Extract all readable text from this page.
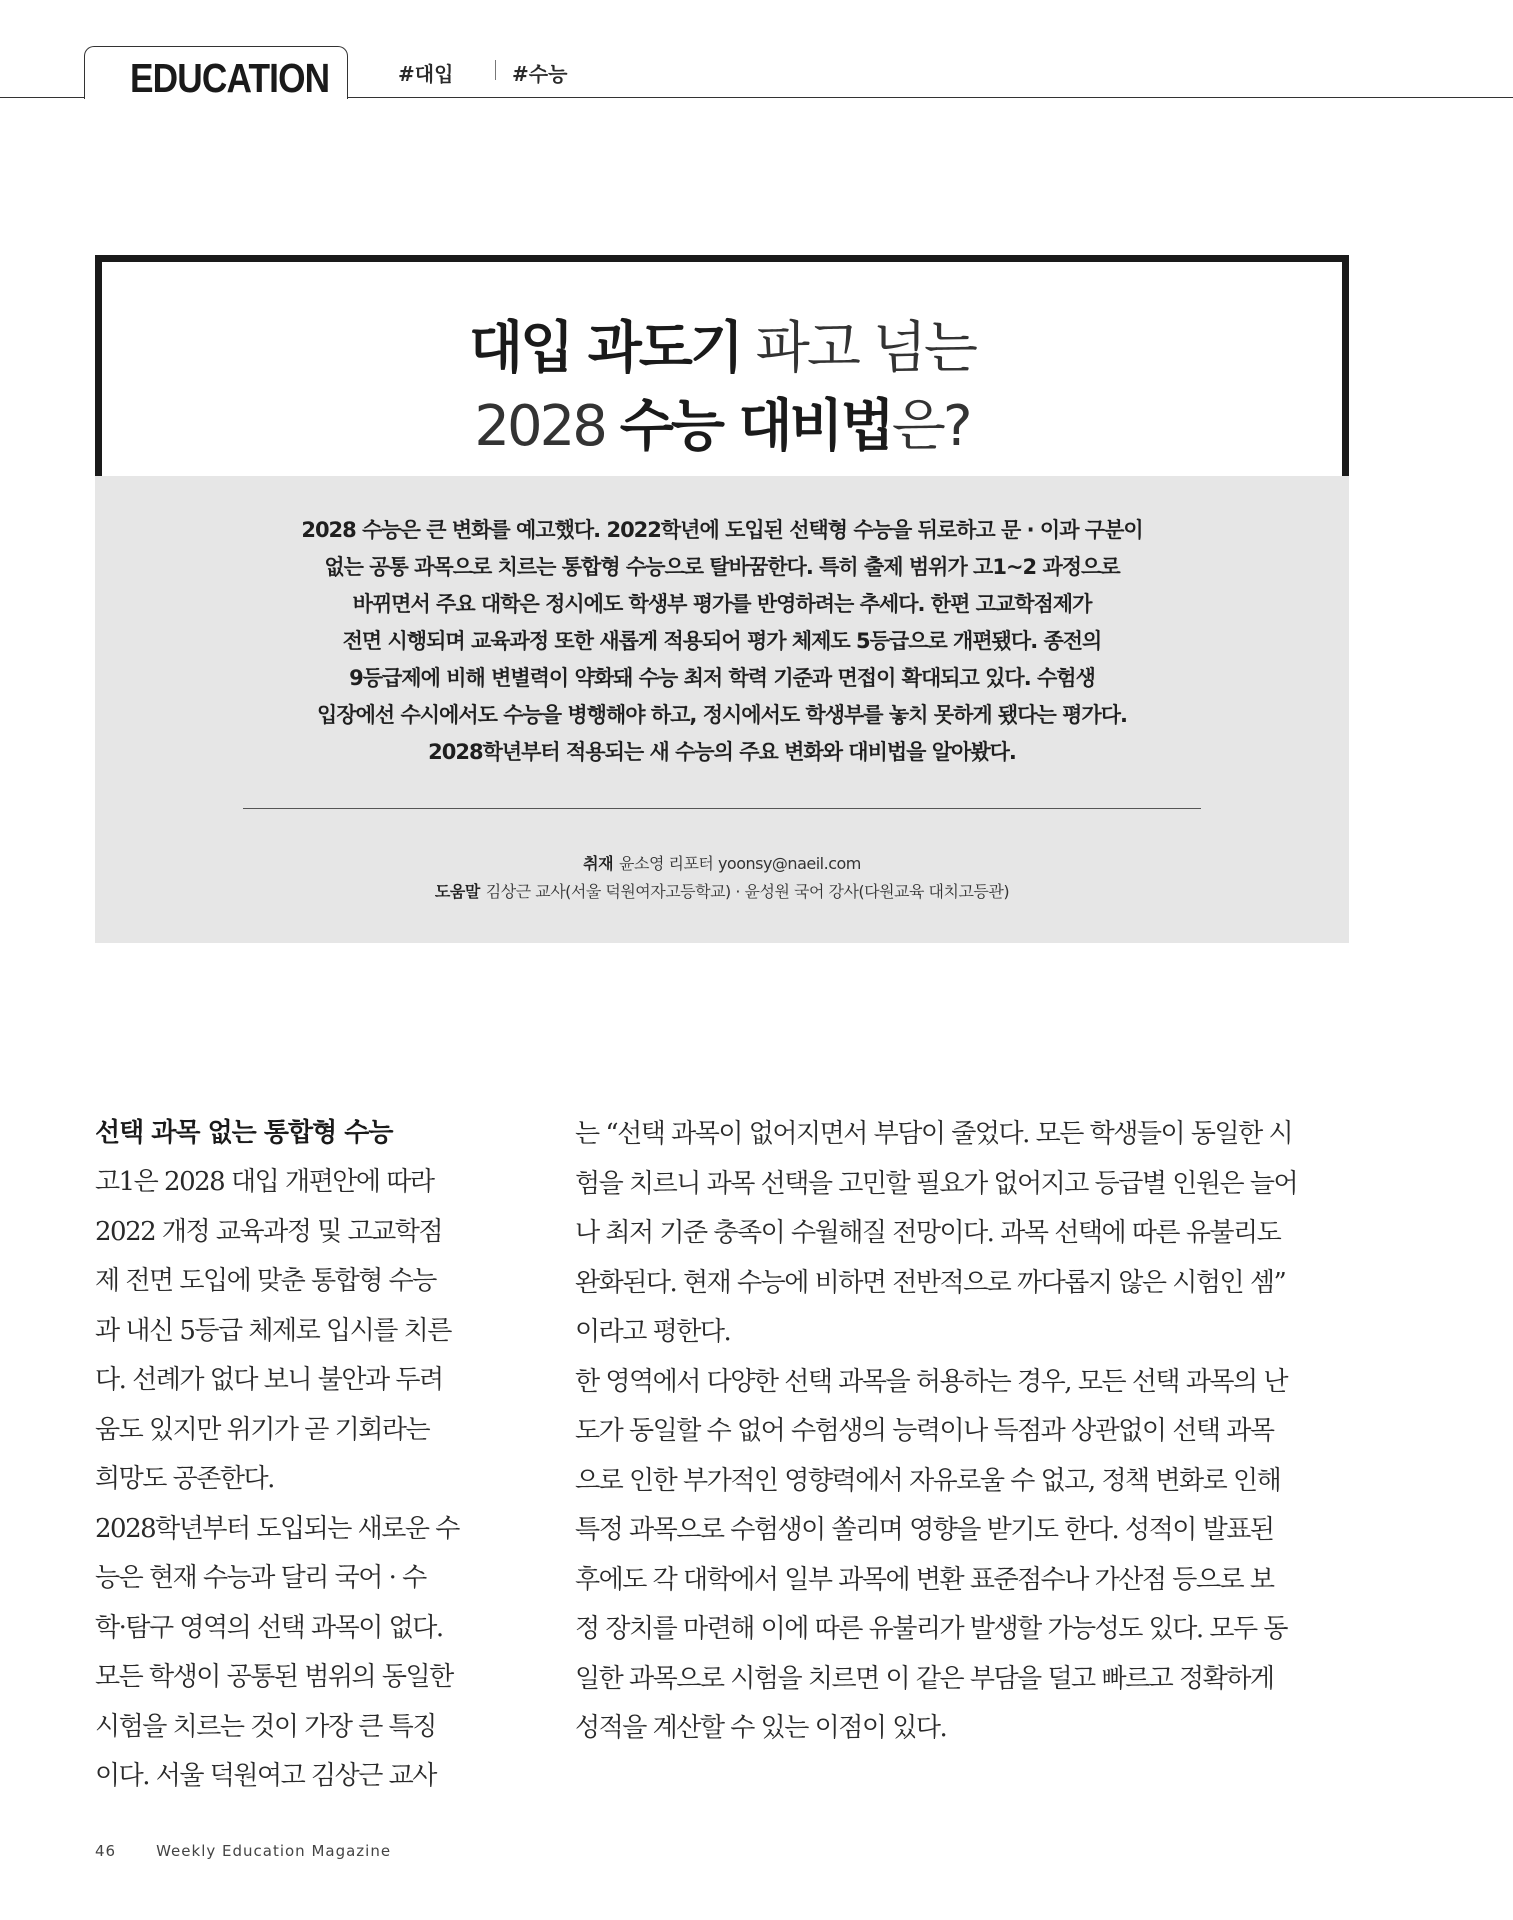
EDUCATION	#대입	#수능
대입 과도기 파고 넘는
2028 수능 대비법은?
2028 수능은 큰 변화를 예고했다. 2022학년에 도입된 선택형 수능을 뒤로하고 문 · 이과 구분이
없는 공통 과목으로 치르는 통합형 수능으로 탈바꿈한다. 특히 출제 범위가 고1~2 과정으로
바뀌면서 주요 대학은 정시에도 학생부 평가를 반영하려는 추세다. 한편 고교학점제가
전면 시행되며 교육과정 또한 새롭게 적용되어 평가 체제도 5등급으로 개편됐다. 종전의
9등급제에 비해 변별력이 약화돼 수능 최저 학력 기준과 면접이 확대되고 있다. 수험생
입장에선 수시에서도 수능을 병행해야 하고, 정시에서도 학생부를 놓치 못하게 됐다는 평가다.
2028학년부터 적용되는 새 수능의 주요 변화와 대비법을 알아봤다.
취재 윤소영 리포터 yoonsy@naeil.com
도움말 김상근 교사(서울 덕원여자고등학교) · 윤성원 국어 강사(다원교육 대치고등관)
선택 과목 없는 통합형 수능
고1은 2028 대입 개편안에 따라
2022 개정 교육과정 및 고교학점
제 전면 도입에 맞춘 통합형 수능
과 내신 5등급 체제로 입시를 치른
다. 선례가 없다 보니 불안과 두려
움도 있지만 위기가 곧 기회라는
희망도 공존한다.
2028학년부터 도입되는 새로운 수
능은 현재 수능과 달리 국어 · 수
학·탐구 영역의 선택 과목이 없다.
모든 학생이 공통된 범위의 동일한
시험을 치르는 것이 가장 큰 특징
이다. 서울 덕원여고 김상근 교사
는 “선택 과목이 없어지면서 부담이 줄었다. 모든 학생들이 동일한 시
험을 치르니 과목 선택을 고민할 필요가 없어지고 등급별 인원은 늘어
나 최저 기준 충족이 수월해질 전망이다. 과목 선택에 따른 유불리도
완화된다. 현재 수능에 비하면 전반적으로 까다롭지 않은 시험인 셈”
이라고 평한다.
한 영역에서 다양한 선택 과목을 허용하는 경우, 모든 선택 과목의 난
도가 동일할 수 없어 수험생의 능력이나 득점과 상관없이 선택 과목
으로 인한 부가적인 영향력에서 자유로울 수 없고, 정책 변화로 인해
특정 과목으로 수험생이 쏠리며 영향을 받기도 한다. 성적이 발표된
후에도 각 대학에서 일부 과목에 변환 표준점수나 가산점 등으로 보
정 장치를 마련해 이에 따른 유불리가 발생할 가능성도 있다. 모두 동
일한 과목으로 시험을 치르면 이 같은 부담을 덜고 빠르고 정확하게
성적을 계산할 수 있는 이점이 있다.
46	Weekly Education Magazine
